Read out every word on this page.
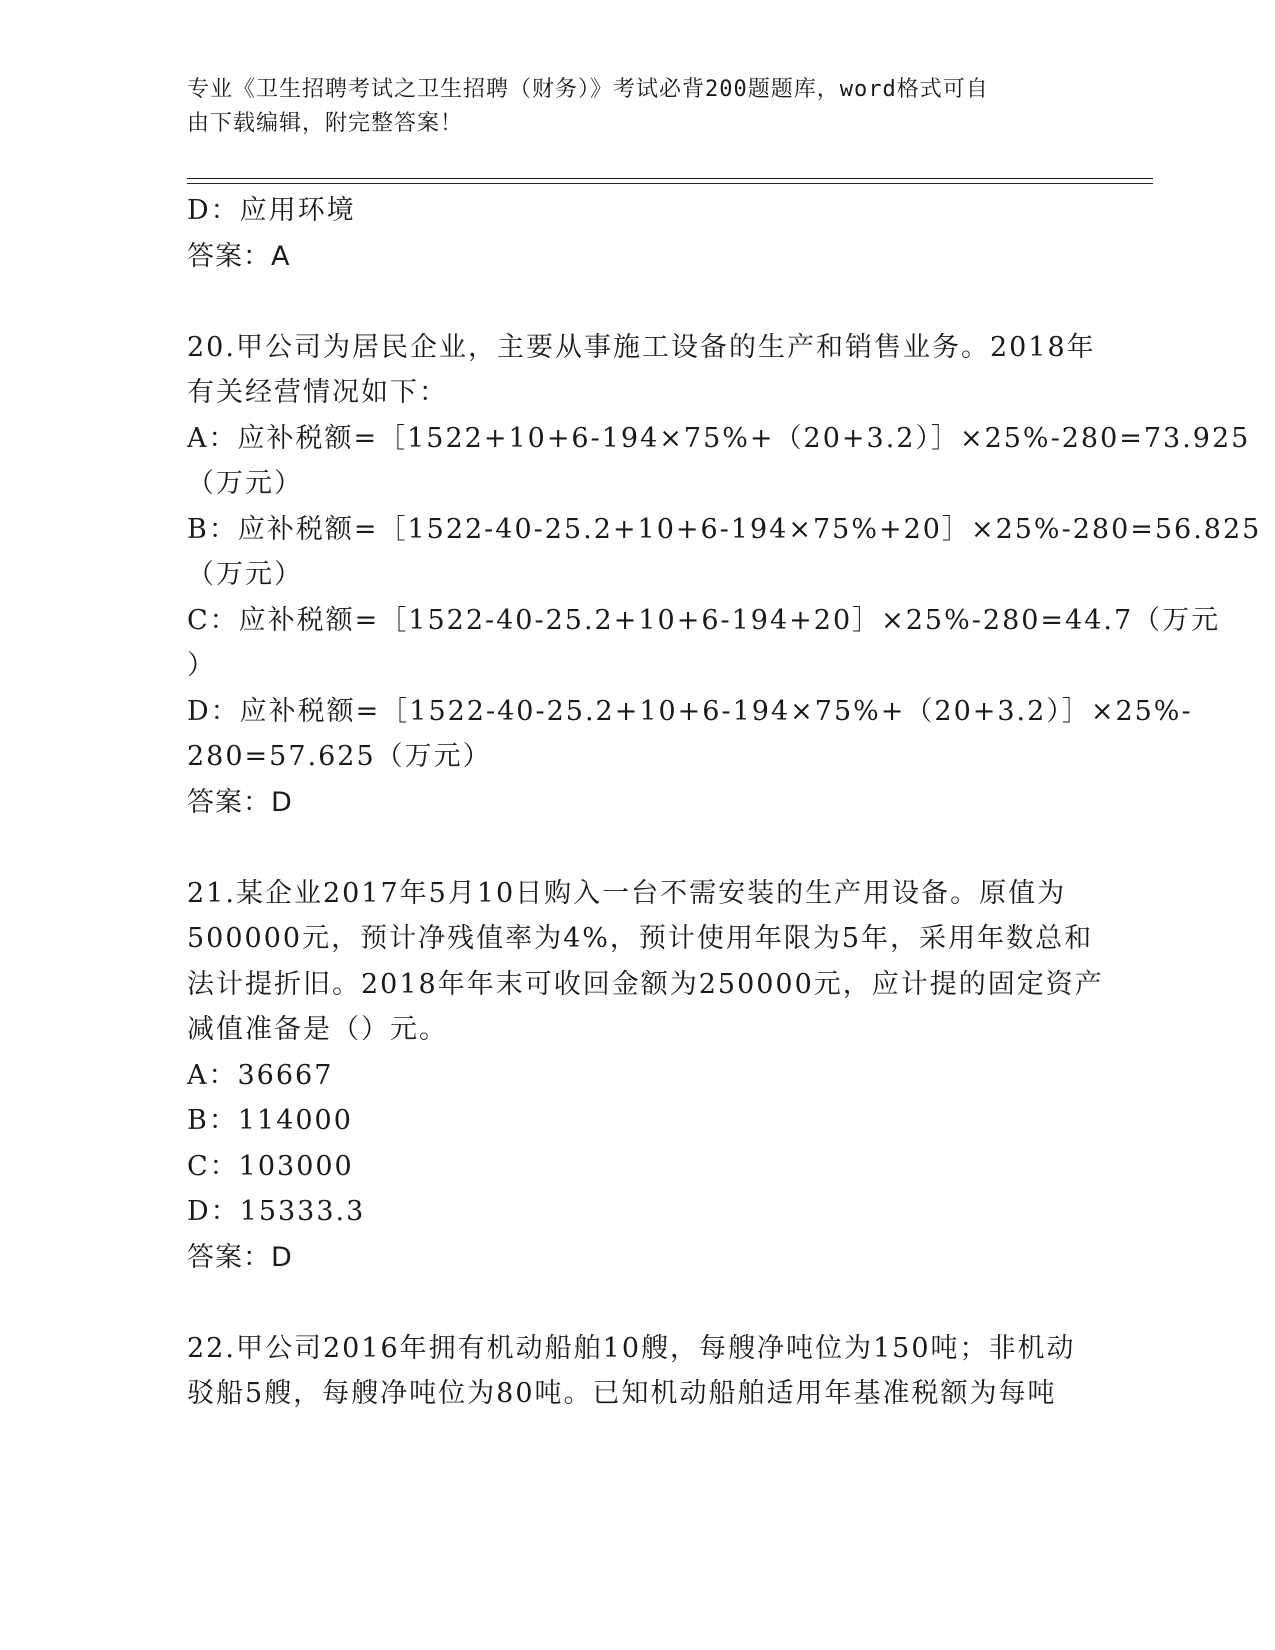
专业《卫生招聘考试之卫生招聘（财务）》考试必背200题题库，word格式可自
由下载编辑，附完整答案！
D：应用环境
答案：A
20.甲公司为居民企业，主要从事施工设备的生产和销售业务。2018年
有关经营情况如下：
A：应补税额=［1522+10+6-194×75%+（20+3.2）］×25%-280=73.925
（万元）
B：应补税额=［1522-40-25.2+10+6-194×75%+20］×25%-280=56.825
（万元）
C：应补税额=［1522-40-25.2+10+6-194+20］×25%-280=44.7（万元
）
D：应补税额=［1522-40-25.2+10+6-194×75%+（20+3.2）］×25%-
280=57.625（万元）
答案：D
21.某企业2017年5月10日购入一台不需安装的生产用设备。原值为
500000元，预计净残值率为4%，预计使用年限为5年，采用年数总和
法计提折旧。2018年年末可收回金额为250000元，应计提的固定资产
减值准备是（）元。
A：36667
B：114000
C：103000
D：15333.3
答案：D
22.甲公司2016年拥有机动船舶10艘，每艘净吨位为150吨；非机动
驳船5艘，每艘净吨位为80吨。已知机动船舶适用年基准税额为每吨
